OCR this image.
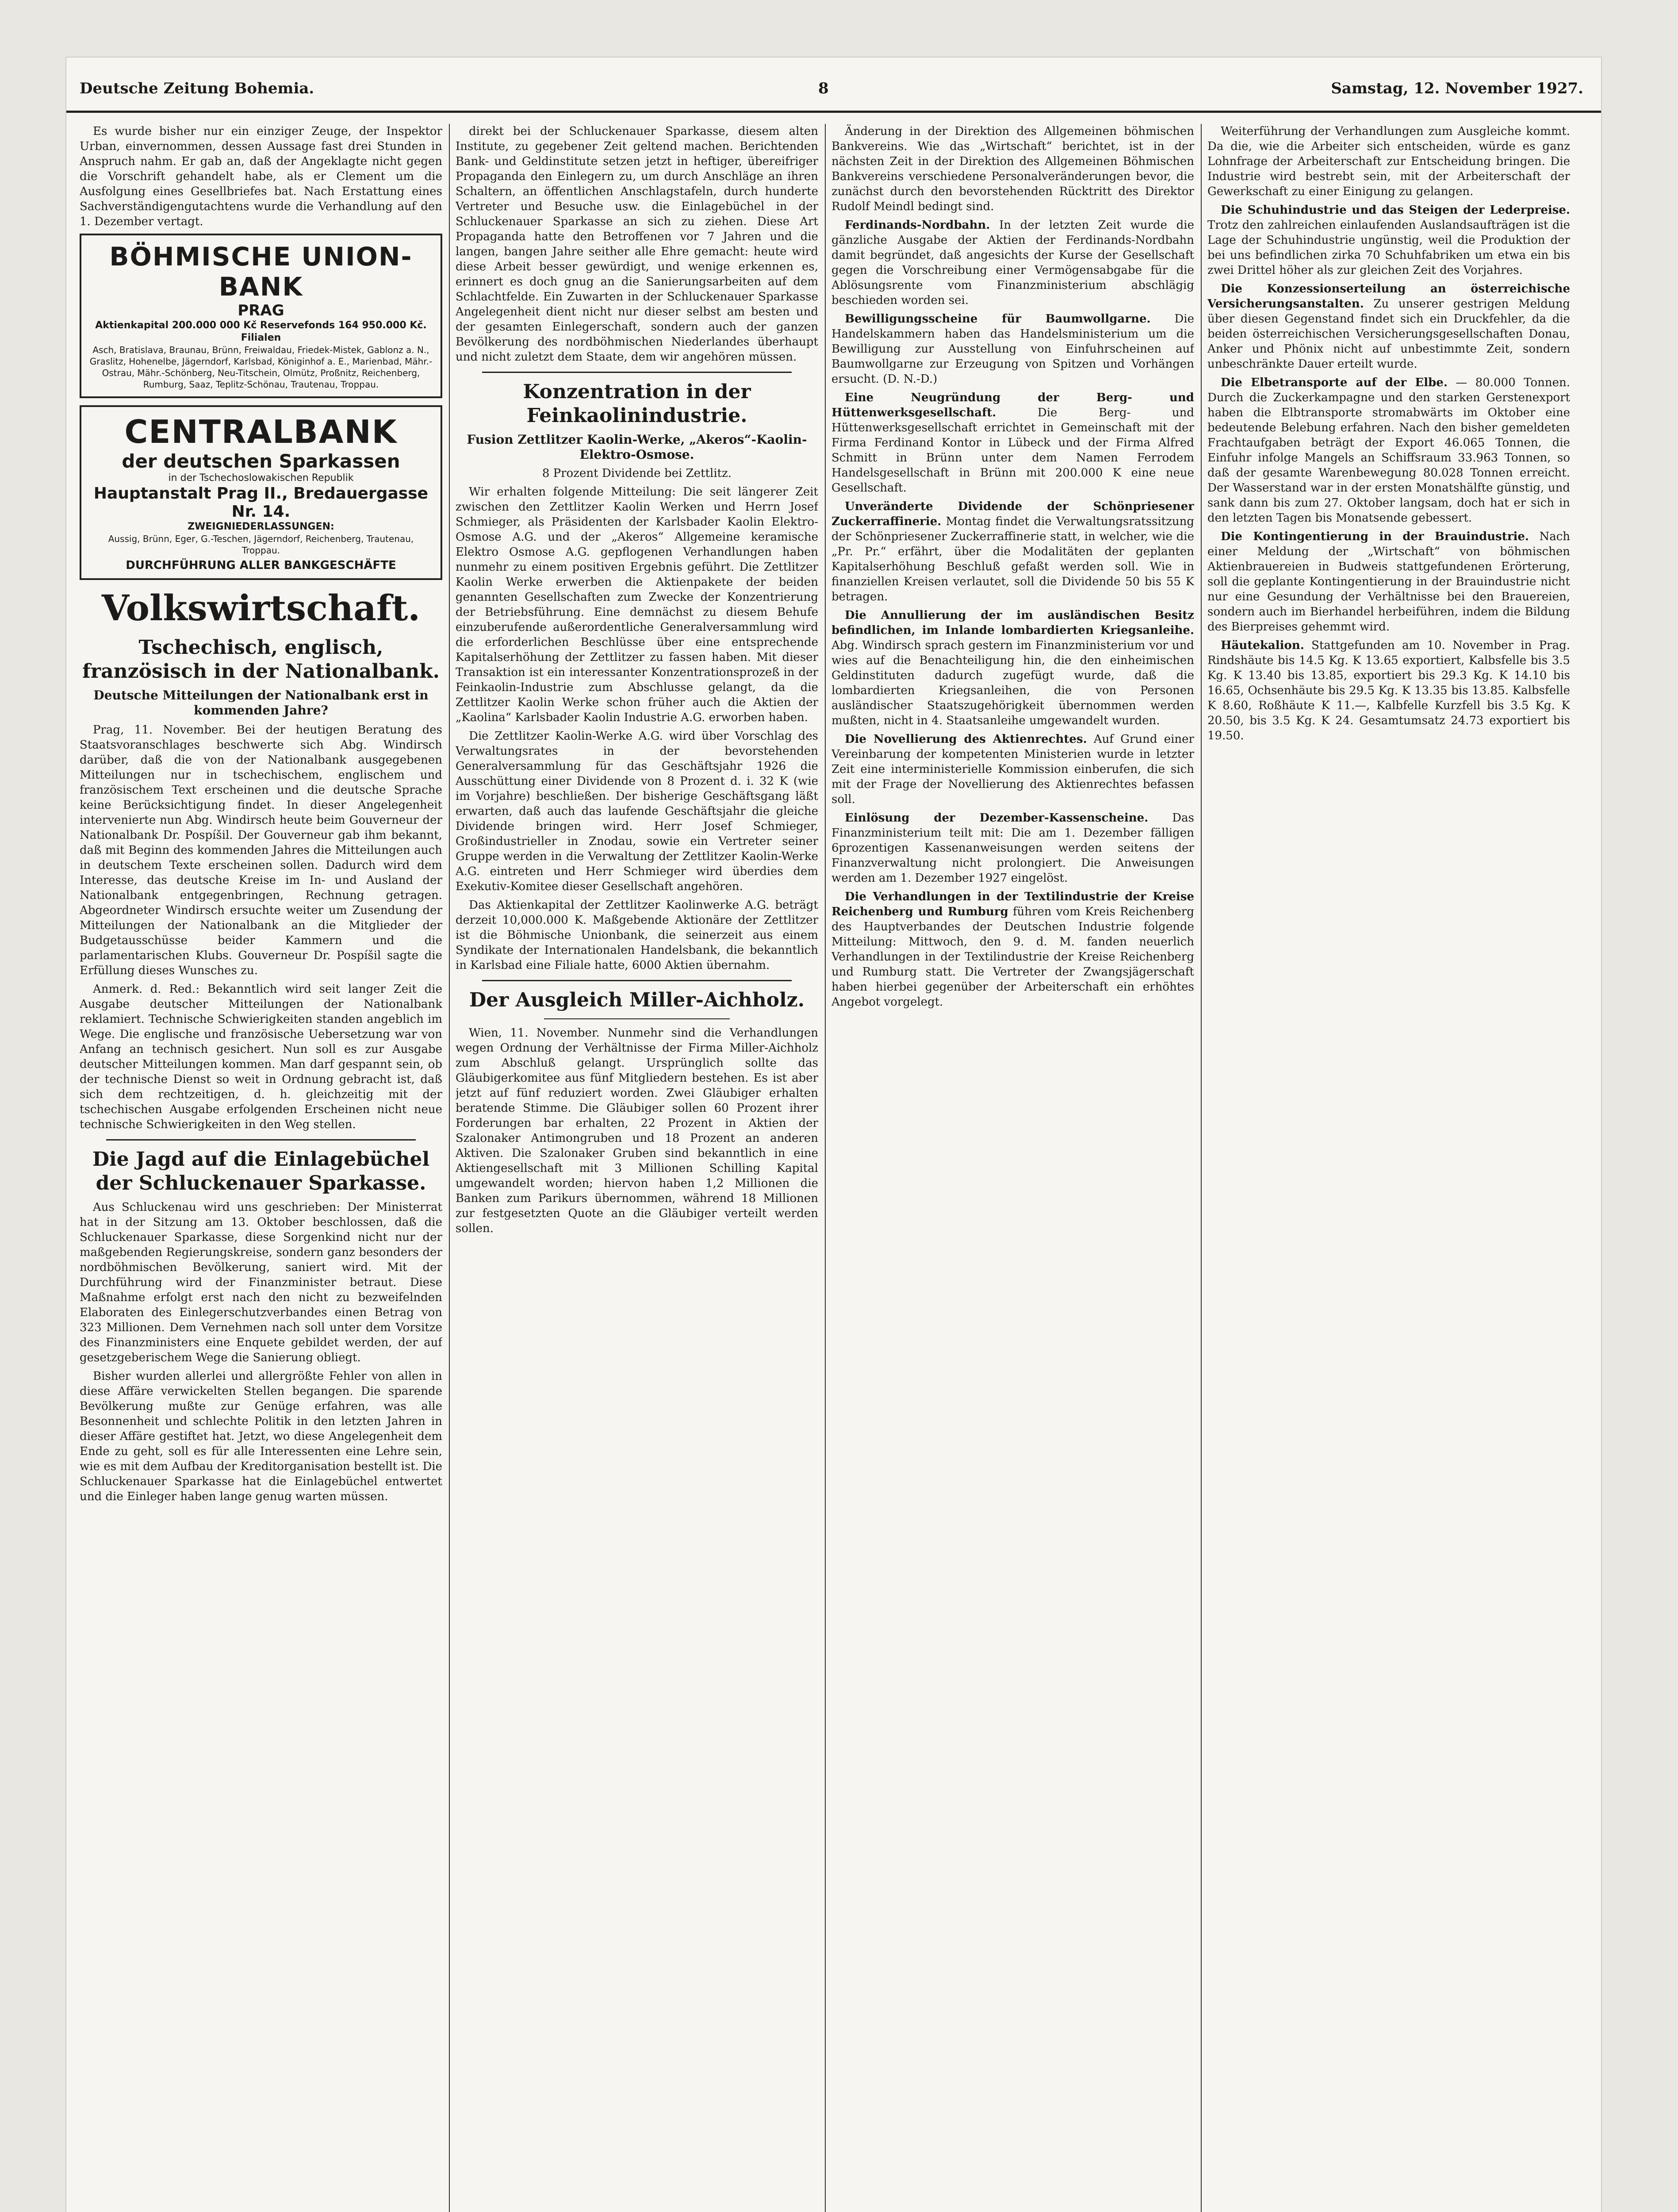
Deutsche Zeitung Bohemia.	8	Samstag, 12. November 1927.

Es wurde bisher nur ein einziger Zeuge, der Inspektor Urban, einvernommen, dessen Aussage fast drei Stunden in Anspruch nahm. Er gab an, daß der Angeklagte nicht gegen die Vorschrift gehandelt habe, als er Clement um die Ausfolgung eines Gesellbriefes bat. Nach Erstattung eines Sachverständigengutachtens wurde die Verhandlung auf den 1. Dezember vertagt.

BÖHMISCHE UNION-BANK
PRAG
Aktienkapital 200.000 000 Kč Reservefonds 164 950.000 Kč.
Filialen
Asch, Bratislava, Braunau, Brünn, Freiwaldau, Friedek-Mistek, Gablonz a. N., Graslitz, Hohenelbe, Jägerndorf, Karlsbad, Königinhof a. E., Marienbad, Mähr.-Ostrau, Mähr.-Schönberg, Neu-Titschein, Olmütz, Proßnitz, Reichenberg, Rumburg, Saaz, Teplitz-Schönau, Trautenau, Troppau.
CENTRALBANK
der deutschen Sparkassen
in der Tschechoslowakischen Republik
Hauptanstalt Prag II., Bredauergasse Nr. 14.
ZWEIGNIEDERLASSUNGEN:
Aussig, Brünn, Eger, G.-Teschen, Jägerndorf, Reichenberg, Trautenau, Troppau.
DURCHFÜHRUNG ALLER BANKGESCHÄFTE
Volkswirtschaft.
Tschechisch, englisch, französisch in der Nationalbank.
Deutsche Mitteilungen der Nationalbank erst in kommenden Jahre?

Prag, 11. November. Bei der heutigen Beratung des Staatsvoranschlages beschwerte sich Abg. Windirsch darüber, daß die von der Nationalbank ausgegebenen Mitteilungen nur in tschechischem, englischem und französischem Text erscheinen und die deutsche Sprache keine Berücksichtigung findet. In dieser Angelegenheit intervenierte nun Abg. Windirsch heute beim Gouverneur der Nationalbank Dr. Pospíšil. Der Gouverneur gab ihm bekannt, daß mit Beginn des kommenden Jahres die Mitteilungen auch in deutschem Texte erscheinen sollen. Dadurch wird dem Interesse, das deutsche Kreise im In- und Ausland der Nationalbank entgegenbringen, Rechnung getragen. Abgeordneter Windirsch ersuchte weiter um Zusendung der Mitteilungen der Nationalbank an die Mitglieder der Budgetausschüsse beider Kammern und die parlamentarischen Klubs. Gouverneur Dr. Pospíšil sagte die Erfüllung dieses Wunsches zu.

Anmerk. d. Red.: Bekanntlich wird seit langer Zeit die Ausgabe deutscher Mitteilungen der Nationalbank reklamiert. Technische Schwierigkeiten standen angeblich im Wege. Die englische und französische Uebersetzung war von Anfang an technisch gesichert. Nun soll es zur Ausgabe deutscher Mitteilungen kommen. Man darf gespannt sein, ob der technische Dienst so weit in Ordnung gebracht ist, daß sich dem rechtzeitigen, d. h. gleichzeitig mit der tschechischen Ausgabe erfolgenden Erscheinen nicht neue technische Schwierigkeiten in den Weg stellen.

Die Jagd auf die Einlagebüchel der Schluckenauer Sparkasse.

Aus Schluckenau wird uns geschrieben: Der Ministerrat hat in der Sitzung am 13. Oktober beschlossen, daß die Schluckenauer Sparkasse, diese Sorgenkind nicht nur der maßgebenden Regierungskreise, sondern ganz besonders der nordböhmischen Bevölkerung, saniert wird. Mit der Durchführung wird der Finanzminister betraut. Diese Maßnahme erfolgt erst nach den nicht zu bezweifelnden Elaboraten des Einlegerschutzverbandes einen Betrag von 323 Millionen. Dem Vernehmen nach soll unter dem Vorsitze des Finanzministers eine Enquete gebildet werden, der auf gesetzgeberischem Wege die Sanierung obliegt.

Bisher wurden allerlei und allergrößte Fehler von allen in diese Affäre verwickelten Stellen begangen. Die sparende Bevölkerung mußte zur Genüge erfahren, was alle Besonnenheit und schlechte Politik in den letzten Jahren in dieser Affäre gestiftet hat. Jetzt, wo diese Angelegenheit dem Ende zu geht, soll es für alle Interessenten eine Lehre sein, wie es mit dem Aufbau der Kreditorganisation bestellt ist. Die Schluckenauer Sparkasse hat die Einlagebüchel entwertet und die Einleger haben lange genug warten müssen.

direkt bei der Schluckenauer Sparkasse, diesem alten Institute, zu gegebener Zeit geltend machen. Berichtenden Bank- und Geldinstitute setzen jetzt in heftiger, übereifriger Propaganda den Einlegern zu, um durch Anschläge an ihren Schaltern, an öffentlichen Anschlagstafeln, durch hunderte Vertreter und Besuche usw. die Einlagebüchel in der Schluckenauer Sparkasse an sich zu ziehen. Diese Art Propaganda hatte den Betroffenen vor 7 Jahren und die langen, bangen Jahre seither alle Ehre gemacht: heute wird diese Arbeit besser gewürdigt, und wenige erkennen es, erinnert es doch gnug an die Sanierungsarbeiten auf dem Schlachtfelde. Ein Zuwarten in der Schluckenauer Sparkasse Angelegenheit dient nicht nur dieser selbst am besten und der gesamten Einlegerschaft, sondern auch der ganzen Bevölkerung des nordböhmischen Niederlandes überhaupt und nicht zuletzt dem Staate, dem wir angehören müssen.

Konzentration in der Feinkaolinindustrie.
Fusion Zettlitzer Kaolin-Werke, „Akeros“-Kaolin-Elektro-Osmose.
8 Prozent Dividende bei Zettlitz.

Wir erhalten folgende Mitteilung: Die seit längerer Zeit zwischen den Zettlitzer Kaolin Werken und Herrn Josef Schmieger, als Präsidenten der Karlsbader Kaolin Elektro-Osmose A.G. und der „Akeros“ Allgemeine keramische Elektro Osmose A.G. gepflogenen Verhandlungen haben nunmehr zu einem positiven Ergebnis geführt. Die Zettlitzer Kaolin Werke erwerben die Aktienpakete der beiden genannten Gesellschaften zum Zwecke der Konzentrierung der Betriebsführung. Eine demnächst zu diesem Behufe einzuberufende außerordentliche Generalversammlung wird die erforderlichen Beschlüsse über eine entsprechende Kapitalserhöhung der Zettlitzer zu fassen haben. Mit dieser Transaktion ist ein interessanter Konzentrationsprozeß in der Feinkaolin-Industrie zum Abschlusse gelangt, da die Zettlitzer Kaolin Werke schon früher auch die Aktien der „Kaolina“ Karlsbader Kaolin Industrie A.G. erworben haben.

Die Zettlitzer Kaolin-Werke A.G. wird über Vorschlag des Verwaltungsrates in der bevorstehenden Generalversammlung für das Geschäftsjahr 1926 die Ausschüttung einer Dividende von 8 Prozent d. i. 32 K (wie im Vorjahre) beschließen. Der bisherige Geschäftsgang läßt erwarten, daß auch das laufende Geschäftsjahr die gleiche Dividende bringen wird. Herr Josef Schmieger, Großindustrieller in Znodau, sowie ein Vertreter seiner Gruppe werden in die Verwaltung der Zettlitzer Kaolin-Werke A.G. eintreten und Herr Schmieger wird überdies dem Exekutiv-Komitee dieser Gesellschaft angehören.

Das Aktienkapital der Zettlitzer Kaolinwerke A.G. beträgt derzeit 10,000.000 K. Maßgebende Aktionäre der Zettlitzer ist die Böhmische Unionbank, die seinerzeit aus einem Syndikate der Internationalen Handelsbank, die bekanntlich in Karlsbad eine Filiale hatte, 6000 Aktien übernahm.

Der Ausgleich Miller-Aichholz.

Wien, 11. November. Nunmehr sind die Verhandlungen wegen Ordnung der Verhältnisse der Firma Miller-Aichholz zum Abschluß gelangt. Ursprünglich sollte das Gläubigerkomitee aus fünf Mitgliedern bestehen. Es ist aber jetzt auf fünf reduziert worden. Zwei Gläubiger erhalten beratende Stimme. Die Gläubiger sollen 60 Prozent ihrer Forderungen bar erhalten, 22 Prozent in Aktien der Szalonaker Antimongruben und 18 Prozent an anderen Aktiven. Die Szalonaker Gruben sind bekanntlich in eine Aktiengesellschaft mit 3 Millionen Schilling Kapital umgewandelt worden; hiervon haben 1,2 Millionen die Banken zum Parikurs übernommen, während 18 Millionen zur festgesetzten Quote an die Gläubiger verteilt werden sollen.

Änderung in der Direktion des Allgemeinen böhmischen Bankvereins. Wie das „Wirtschaft“ berichtet, ist in der nächsten Zeit in der Direktion des Allgemeinen Böhmischen Bankvereins verschiedene Personalveränderungen bevor, die zunächst durch den bevorstehenden Rücktritt des Direktor Rudolf Meindl bedingt sind.

Ferdinands-Nordbahn. In der letzten Zeit wurde die gänzliche Ausgabe der Aktien der Ferdinands-Nordbahn damit begründet, daß angesichts der Kurse der Gesellschaft gegen die Vorschreibung einer Vermögensabgabe für die Ablösungsrente vom Finanzministerium abschlägig beschieden worden sei.

Bewilligungsscheine für Baumwollgarne. Die Handelskammern haben das Handelsministerium um die Bewilligung zur Ausstellung von Einfuhrscheinen auf Baumwollgarne zur Erzeugung von Spitzen und Vorhängen ersucht. (D. N.-D.)

Eine Neugründung der Berg- und Hüttenwerksgesellschaft.	Die Berg- und Hüttenwerksgesellschaft errichtet in Gemeinschaft mit der Firma Ferdinand Kontor in Lübeck und der Firma Alfred Schmitt in Brünn unter dem Namen Ferrodem Handelsgesellschaft in Brünn mit 200.000 K eine neue Gesellschaft.

Unveränderte Dividende der Schönpriesener Zuckerraffinerie. Montag findet die Verwaltungsratssitzung der Schönpriesener Zuckerraffinerie statt, in welcher, wie die „Pr. Pr.“ erfährt, über die Modalitäten der geplanten Kapitalserhöhung Beschluß gefaßt werden soll. Wie in finanziellen Kreisen verlautet, soll die Dividende 50 bis 55 K betragen.

Die Annullierung der im ausländischen Besitz befindlichen, im Inlande lombardierten Kriegsanleihe. Abg. Windirsch sprach gestern im Finanzministerium vor und wies auf die Benachteiligung hin, die den einheimischen Geldinstituten dadurch zugefügt wurde, daß die lombardierten Kriegsanleihen, die von Personen ausländischer Staatszugehörigkeit übernommen werden mußten, nicht in 4. Staatsanleihe umgewandelt wurden.

Die Novellierung des Aktienrechtes. Auf Grund einer Vereinbarung der kompetenten Ministerien wurde in letzter Zeit eine interministerielle Kommission einberufen, die sich mit der Frage der Novellierung des Aktienrechtes befassen soll.

Einlösung der Dezember-Kassenscheine. Das Finanzministerium teilt mit: Die am 1. Dezember fälligen 6prozentigen Kassenanweisungen werden seitens der Finanzverwaltung nicht prolongiert. Die Anweisungen werden am 1. Dezember 1927 eingelöst.

Die Verhandlungen in der Textilindustrie der Kreise Reichenberg und Rumburg führen vom Kreis Reichenberg des Hauptverbandes der Deutschen Industrie folgende Mitteilung: Mittwoch, den 9. d. M. fanden neuerlich Verhandlungen in der Textilindustrie der Kreise Reichenberg und Rumburg statt. Die Vertreter der Zwangsjägerschaft haben hierbei gegenüber der Arbeiterschaft ein erhöhtes Angebot vorgelegt.

Weiterführung der Verhandlungen zum Ausgleiche kommt. Da die, wie die Arbeiter sich entscheiden, würde es ganz Lohnfrage der Arbeiterschaft zur Entscheidung bringen. Die Industrie wird bestrebt sein, mit der Arbeiterschaft der Gewerkschaft zu einer Einigung zu gelangen.

Die Schuhindustrie und das Steigen der Lederpreise. Trotz den zahlreichen einlaufenden Auslandsaufträgen ist die Lage der Schuhindustrie ungünstig, weil die Produktion der bei uns befindlichen zirka 70 Schuhfabriken um etwa ein bis zwei Drittel höher als zur gleichen Zeit des Vorjahres.

Die Konzessionserteilung an österreichische Versicherungsanstalten. Zu unserer gestrigen Meldung über diesen Gegenstand findet sich ein Druckfehler, da die beiden österreichischen Versicherungsgesellschaften Donau, Anker und Phönix nicht auf unbestimmte Zeit, sondern unbeschränkte Dauer erteilt wurde.

Die Elbetransporte auf der Elbe. — 80.000 Tonnen. Durch die Zuckerkampagne und den starken Gerstenexport haben die Elbtransporte stromabwärts im Oktober eine bedeutende Belebung erfahren. Nach den bisher gemeldeten Frachtaufgaben beträgt der Export 46.065 Tonnen, die Einfuhr infolge Mangels an Schiffsraum 33.963 Tonnen, so daß der gesamte Warenbewegung 80.028 Tonnen erreicht. Der Wasserstand war in der ersten Monatshälfte günstig, und sank dann bis zum 27. Oktober langsam, doch hat er sich in den letzten Tagen bis Monatsende gebessert.

Die Kontingentierung in der Brauindustrie. Nach einer Meldung der „Wirtschaft“ von böhmischen Aktienbrauereien in Budweis stattgefundenen Erörterung, soll die geplante Kontingentierung in der Brauindustrie nicht nur eine Gesundung der Verhältnisse bei den Brauereien, sondern auch im Bierhandel herbeiführen, indem die Bildung des Bierpreises gehemmt wird.

Häutekalion. Stattgefunden am 10. November in Prag. Rindshäute bis 14.5 Kg. K 13.65 exportiert, Kalbsfelle bis 3.5 Kg. K 13.40 bis 13.85, exportiert bis 29.3 Kg. K 14.10 bis 16.65, Ochsenhäute bis 29.5 Kg. K 13.35 bis 13.85. Kalbsfelle K 8.60, Roßhäute K 11.—, Kalbfelle Kurzfell bis 3.5 Kg. K 20.50, bis 3.5 Kg. K 24. Gesamtumsatz 24.73 exportiert bis 19.50.
